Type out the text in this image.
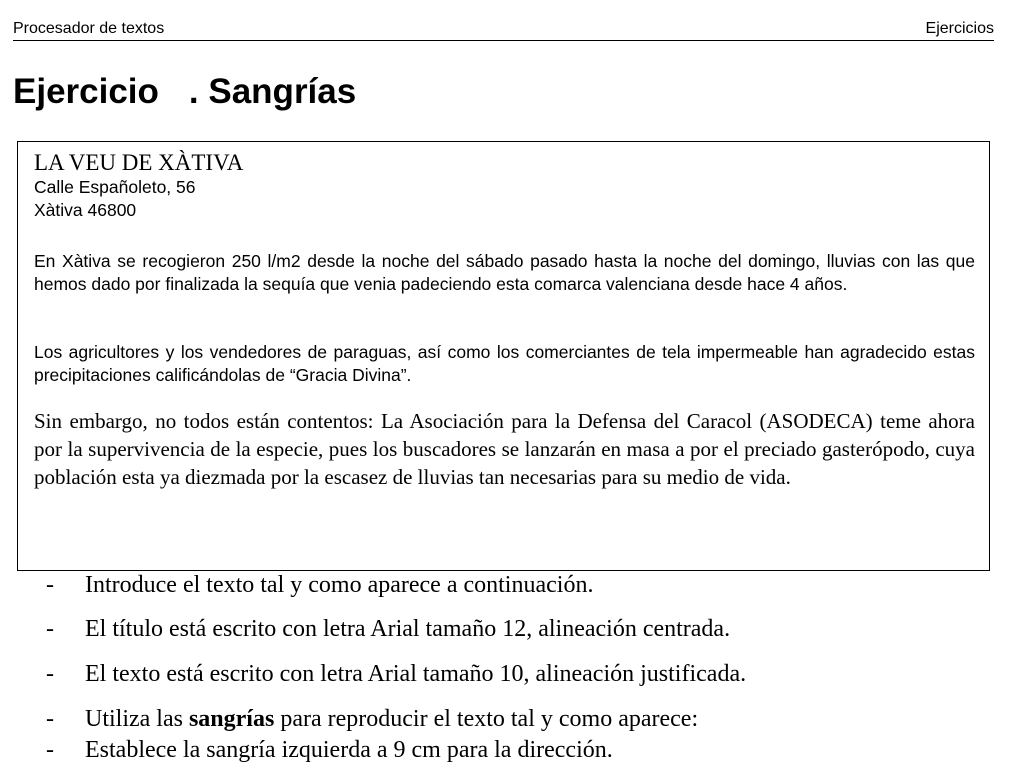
Procesador de textos	Ejercicios
Ejercicio . Sangrías
LA VEU DE XÀTIVA
Calle Españoleto, 56
Xàtiva 46800
En Xàtiva se recogieron 250 l/m2 desde la noche del sábado pasado hasta la noche del domingo, lluvias con las que hemos dado por finalizada la sequía que venia padeciendo esta comarca valenciana desde hace 4 años.
Los agricultores y los vendedores de paraguas, así como los comerciantes de tela impermeable han agradecido estas precipitaciones calificándolas de “Gracia Divina”.
Sin embargo, no todos están contentos: La Asociación para la Defensa del Caracol (ASODECA) teme ahora por la supervivencia de la especie, pues los buscadores se lanzarán en masa a por el preciado gasterópodo, cuya población esta ya diezmada por la escasez de lluvias tan necesarias para su medio de vida.
- Introduce el texto tal y como aparece a continuación.
- El título está escrito con letra Arial tamaño 12, alineación centrada.
- El texto está escrito con letra Arial tamaño 10, alineación justificada.
- Utiliza las sangrías para reproducir el texto tal y como aparece:
- Establece la sangría izquierda a 9 cm para la dirección.
